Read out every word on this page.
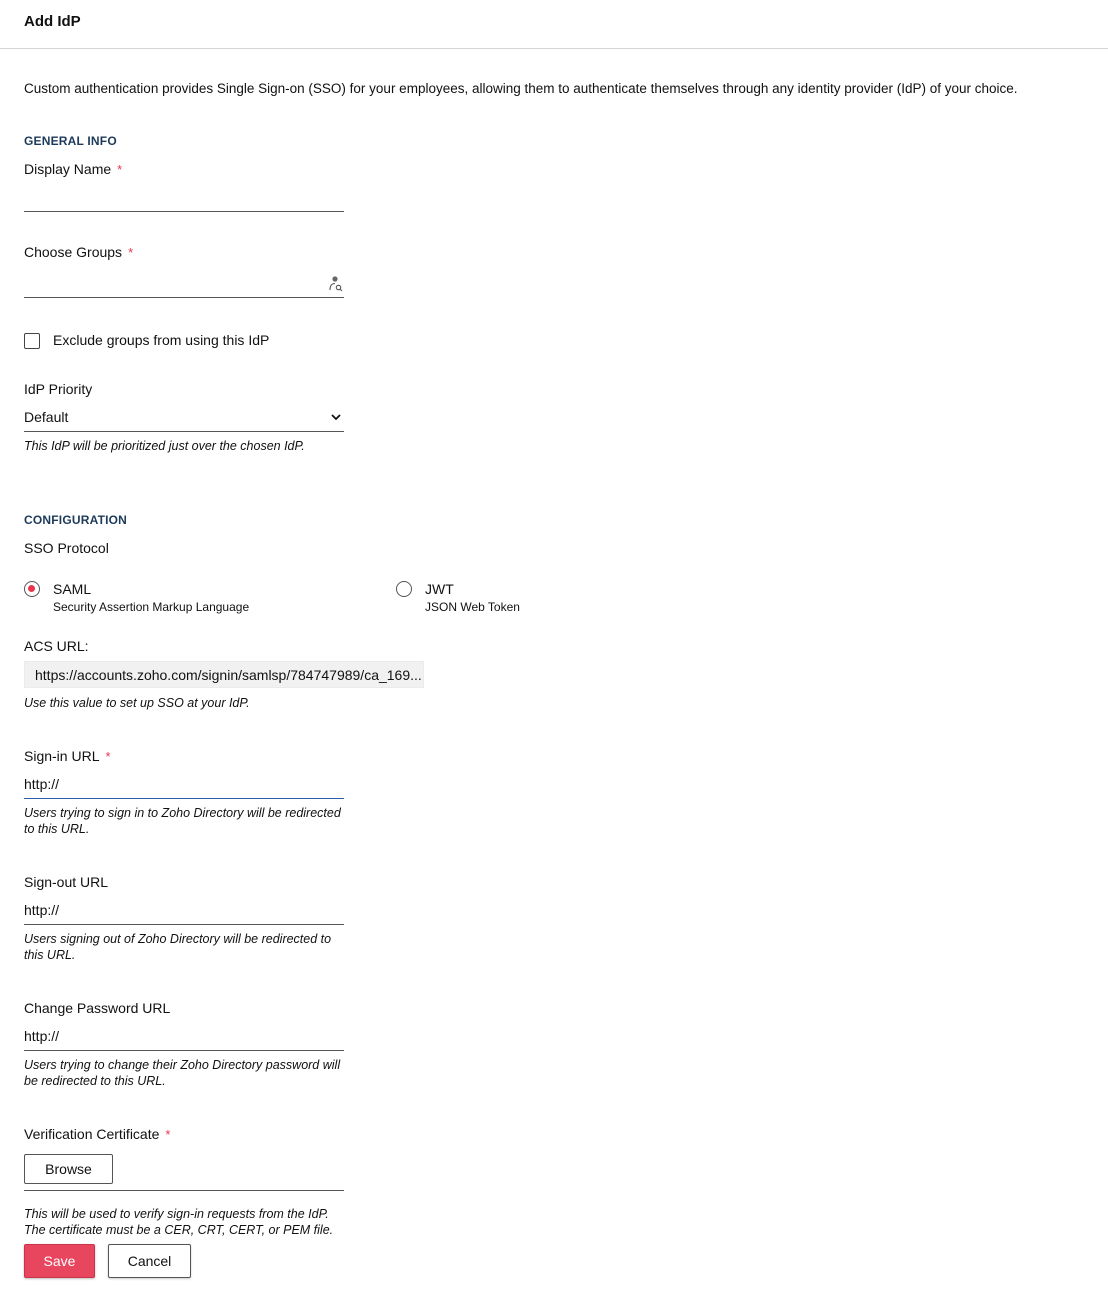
Add IdP
Custom authentication provides Single Sign-on (SSO) for your employees, allowing them to authenticate themselves through any identity provider (IdP) of your choice.
GENERAL INFO
Display Name *
Choose Groups *
Exclude groups from using this IdP
IdP Priority
Default
This IdP will be prioritized just over the chosen IdP.
CONFIGURATION
SSO Protocol
SAML
Security Assertion Markup Language
JWT
JSON Web Token
ACS URL:
https://accounts.zoho.com/signin/samlsp/784747989/ca_169...
Use this value to set up SSO at your IdP.
Sign-in URL *
http://
Users trying to sign in to Zoho Directory will be redirected
to this URL.
Sign-out URL
http://
Users signing out of Zoho Directory will be redirected to
this URL.
Change Password URL
http://
Users trying to change their Zoho Directory password will
be redirected to this URL.
Verification Certificate *
Browse
This will be used to verify sign-in requests from the IdP.
The certificate must be a CER, CRT, CERT, or PEM file.
Save	Cancel
